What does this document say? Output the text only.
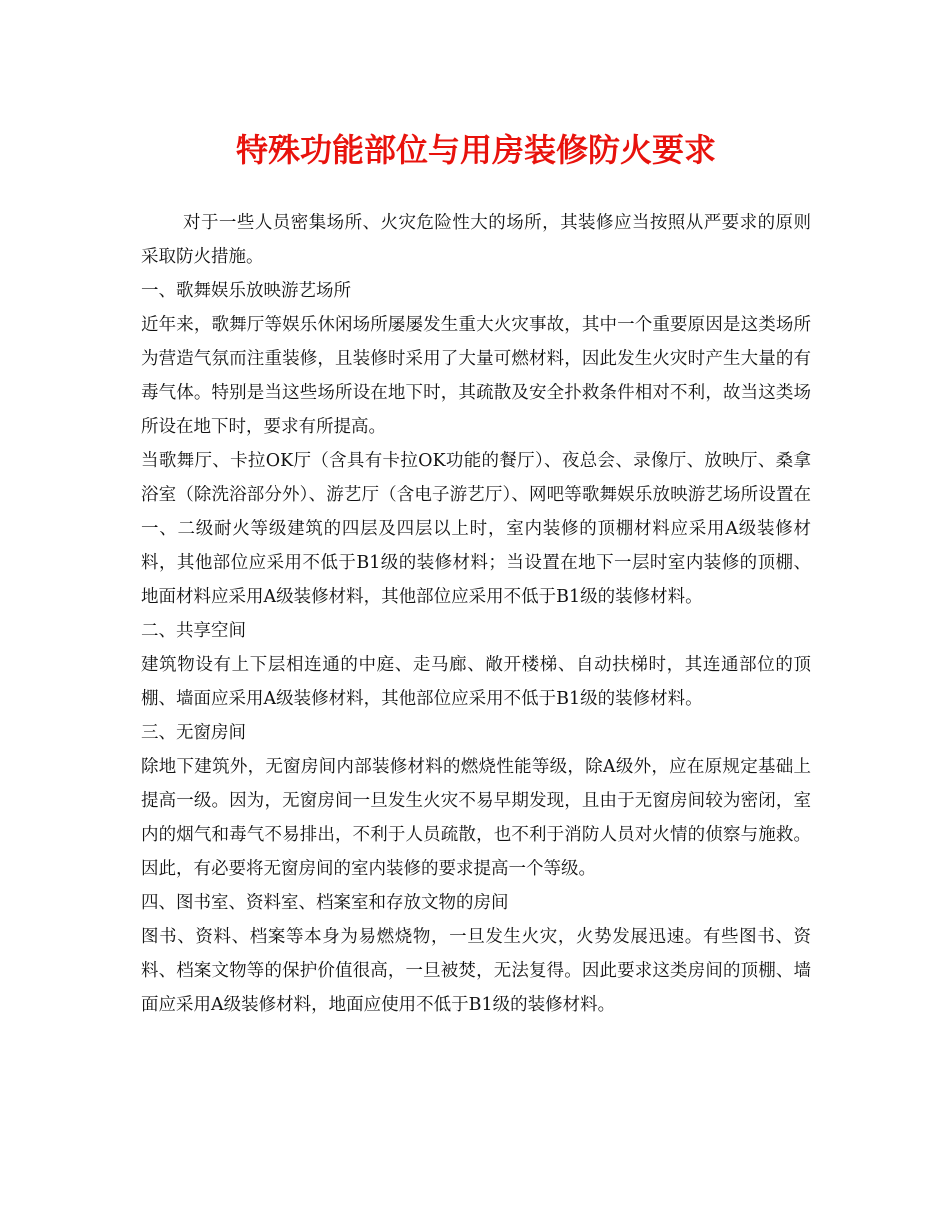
特殊功能部位与用房装修防火要求

对于一些人员密集场所、火灾危险性大的场所，其装修应当按照从严要求的原则采取防火措施。

一、歌舞娱乐放映游艺场所

近年来，歌舞厅等娱乐休闲场所屡屡发生重大火灾事故，其中一个重要原因是这类场所为营造气氛而注重装修，且装修时采用了大量可燃材料，因此发生火灾时产生大量的有毒气体。特别是当这些场所设在地下时，其疏散及安全扑救条件相对不利，故当这类场所设在地下时，要求有所提高。

当歌舞厅、卡拉OK厅（含具有卡拉OK功能的餐厅）、夜总会、录像厅、放映厅、桑拿浴室（除洗浴部分外）、游艺厅（含电子游艺厅）、网吧等歌舞娱乐放映游艺场所设置在一、二级耐火等级建筑的四层及四层以上时，室内装修的顶棚材料应采用A级装修材料，其他部位应采用不低于B1级的装修材料；当设置在地下一层时室内装修的顶棚、地面材料应采用A级装修材料，其他部位应采用不低于B1级的装修材料。

二、共享空间

建筑物设有上下层相连通的中庭、走马廊、敞开楼梯、自动扶梯时，其连通部位的顶棚、墙面应采用A级装修材料，其他部位应采用不低于B1级的装修材料。

三、无窗房间

除地下建筑外，无窗房间内部装修材料的燃烧性能等级，除A级外，应在原规定基础上提高一级。因为，无窗房间一旦发生火灾不易早期发现，且由于无窗房间较为密闭，室内的烟气和毒气不易排出，不利于人员疏散，也不利于消防人员对火情的侦察与施救。因此，有必要将无窗房间的室内装修的要求提高一个等级。

四、图书室、资料室、档案室和存放文物的房间

图书、资料、档案等本身为易燃烧物，一旦发生火灾，火势发展迅速。有些图书、资料、档案文物等的保护价值很高，一旦被焚，无法复得。因此要求这类房间的顶棚、墙面应采用A级装修材料，地面应使用不低于B1级的装修材料。
